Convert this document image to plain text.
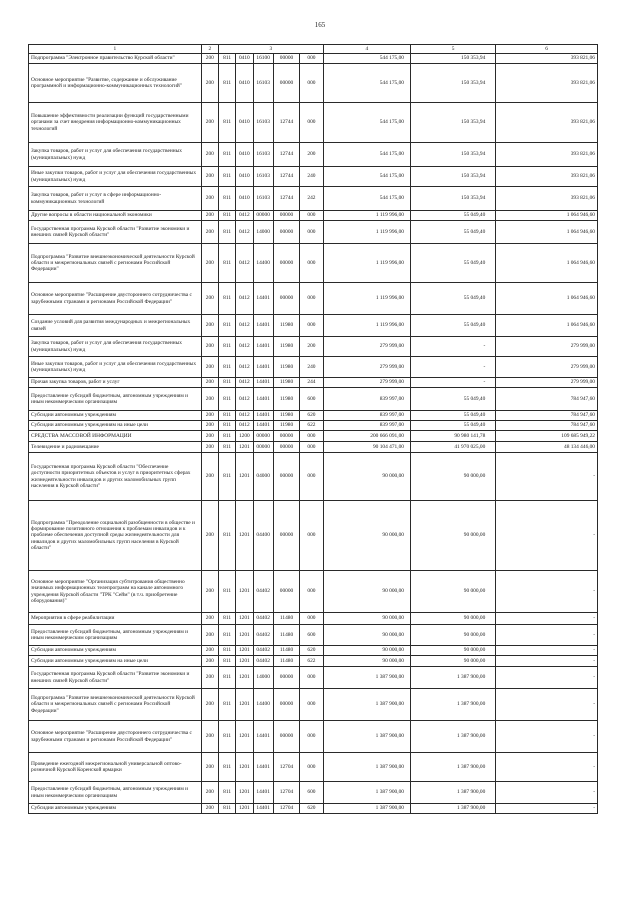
165
1	2	3					4	5	6
Подпрограмма "Электронное правительство Курской области"	200	811	0410	16100	00000	000	544 175,00	150 353,94	393 821,06
Основное мероприятие "Развитие, содержание и обслуживание программной и информационно-коммуникационных технологий"	200	811	0410	16103	00000	000	544 175,00	150 353,94	393 821,06
Повышение эффективности реализации функций государственными органами за счет внедрения информационно-коммуникационных технологий	200	811	0410	16103	12744	000	544 175,00	150 353,94	393 821,06
Закупка товаров, работ и услуг для обеспечения государственных (муниципальных) нужд	200	811	0410	16103	12744	200	544 175,00	150 353,94	393 821,06
Иные закупки товаров, работ и услуг для обеспечения государственных (муниципальных) нужд	200	811	0410	16103	12744	240	544 175,00	150 353,94	393 821,06
Закупка товаров, работ и услуг в сфере информационно-коммуникационных технологий	200	811	0410	16103	12744	242	544 175,00	150 353,94	393 821,06
Другие вопросы в области национальной экономики	200	811	0412	00000	00000	000	1 119 996,00	55 049,40	1 064 946,60
Государственная программа Курской области "Развитие экономики и внешних связей Курской области"	200	811	0412	14000	00000	000	1 119 996,00	55 049,40	1 064 946,60
Подпрограмма "Развитие внешнеэкономической деятельности Курской области и межрегиональных связей с регионами Российской Федерации"	200	811	0412	14400	00000	000	1 119 996,00	55 049,40	1 064 946,60
Основное мероприятие "Расширение двустороннего сотрудничества с зарубежными странами и регионами Российской Федерации"	200	811	0412	14401	00000	000	1 119 996,00	55 049,40	1 064 946,60
Создание условий для развития международных и межрегиональных связей	200	811	0412	14401	11980	000	1 119 996,00	55 049,40	1 064 946,60
Закупка товаров, работ и услуг для обеспечения государственных (муниципальных) нужд	200	811	0412	14401	11980	200	279 999,00	-	279 999,00
Иные закупки товаров, работ и услуг для обеспечения государственных (муниципальных) нужд	200	811	0412	14401	11980	240	279 999,00	-	279 999,00
Прочая закупка товаров, работ и услуг	200	811	0412	14401	11980	244	279 999,00	-	279 999,00
Предоставление субсидий бюджетным, автономным учреждениям и иным некоммерческим организациям	200	811	0412	14401	11980	600	839 997,00	55 049,40	784 947,60
Субсидии автономным учреждениям	200	811	0412	14401	11980	620	839 997,00	55 049,40	784 947,60
Субсидии автономным учреждениям на иные цели	200	811	0412	14401	11980	622	839 997,00	55 049,40	784 947,60
СРЕДСТВА МАССОВОЙ ИНФОРМАЦИИ	200	811	1200	00000	00000	000	200 666 091,00	90 980 141,78	109 685 949,22
Телевидение и радиовещание	200	811	1201	00000	00000	000	90 104 471,00	41 970 025,00	48 134 446,00
Государственная программа Курской области "Обеспечение доступности приоритетных объектов и услуг в приоритетных сферах жизнедеятельности инвалидов и других маломобильных групп населения в Курской области"	200	811	1201	04000	00000	000	90 000,00	90 000,00	-
Подпрограмма "Преодоление социальной разобщенности в обществе и формирование позитивного отношения к проблемам инвалидов и к проблеме обеспечения доступной среды жизнедеятельности для инвалидов и других маломобильных групп населения в Курской области"	200	811	1201	04400	00000	000	90 000,00	90 000,00	-
Основное мероприятие "Организация субтитрования общественно значимых информационных телепрограмм на канале автономного учреждения Курской области "ТРК "Сейм" (в т.ч. приобретение оборудования)"	200	811	1201	04402	00000	000	90 000,00	90 000,00	-
Мероприятия в сфере реабилитации	200	811	1201	04402	11480	000	90 000,00	90 000,00	-
Предоставление субсидий бюджетным, автономным учреждениям и иным некоммерческим организациям	200	811	1201	04402	11480	600	90 000,00	90 000,00	-
Субсидии автономным учреждениям	200	811	1201	04402	11480	620	90 000,00	90 000,00	-
Субсидии автономным учреждениям на иные цели	200	811	1201	04402	11480	622	90 000,00	90 000,00	-
Государственная программа Курской области "Развитие экономики и внешних связей Курской области"	200	811	1201	14000	00000	000	1 387 900,00	1 387 900,00	-
Подпрограмма "Развитие внешнеэкономической деятельности Курской области и межрегиональных связей с регионами Российской Федерации"	200	811	1201	14400	00000	000	1 387 900,00	1 387 900,00	-
Основное мероприятие "Расширение двустороннего сотрудничества с зарубежными странами и регионами Российской Федерации"	200	811	1201	14401	00000	000	1 387 900,00	1 387 900,00	-
Проведение ежегодной межрегиональной универсальной оптово-розничной Курской Коренской ярмарки	200	811	1201	14401	12704	000	1 387 900,00	1 387 900,00	-
Предоставление субсидий бюджетным, автономным учреждениям и иным некоммерческим организациям	200	811	1201	14401	12704	600	1 387 900,00	1 387 900,00	-
Субсидии автономным учреждениям	200	811	1201	14401	12704	620	1 387 900,00	1 387 900,00	-
